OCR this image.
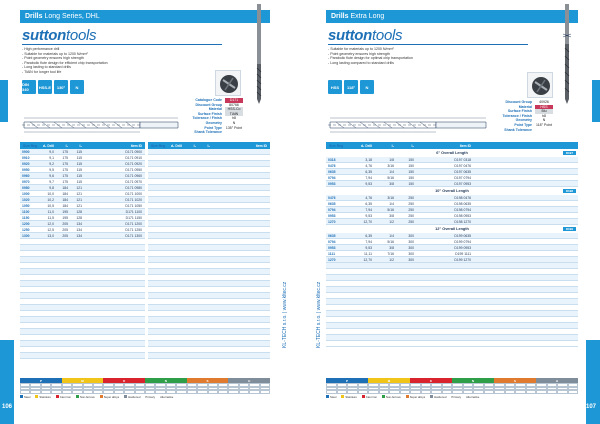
Drills Long Series, DHL
suttontools
- High performance drill
- Suitable for materials up to 1200 N/mm²
- Point geometry ensures high strength
- Parabolic flute design for efficient chip transportation
- Long lasting to standard drills
- TiAlN for longer tool life
DIN 340	HSS-E	130°	N
Catalogue Code	D171
Discount Group	80766
Material	HSS-Co
Surface Finish	TiAlN
Tolerance / Finish	h8
Geometry	N
Point Type	135° Point
Shank Tolerance
Size Reg	d₁ Drill	l₁	l₂	Item ID
0900	9,0	175	115	D171 0900
0910	9,1	175	115	D171 0910
0920	9,2	175	115	D171 0920
0950	9,5	175	115	D171 0950
0960	9,6	175	115	D171 0960
0970	9,7	175	115	D171 0970
0980	9,8	184	121	D171 0980
1000	10,0	184	121	D171 1000
1020	10,2	184	121	D171 1020
1050	10,5	184	121	D171 1050
1100	11,0	195	128	D171 1100
1150	11,5	195	128	D171 1150
1200	12,0	205	134	D171 1200
1250	12,5	205	134	D171 1250
1300	13,0	205	134	D171 1300
Size Reg	d₁ Drill	l₁	l₂	Item ID
KL-TECH s.r.o. | www.kltec.cz
P	M	K	N	S	H
Steel	Stainless	Cast iron	Non-ferrous	Super alloys	Hardened Primary Alternative
106
Drills Extra Long
suttontools
- Suitable for materials up to 1200 N/mm²
- Point geometry ensures high strength
- Parabolic flute design for optimal chip transportation
- Long lasting compared to standard drills
HSS	118°	N
Discount Group	40926
Material	HSS
Surface Finish	Blu
Tolerance / Finish	h8
Geometry	N
Point Type	118° Point
Shank Tolerance
Size Reg	d₁ Drill	l₁	l₂	Item ID
6" Overall Length	D197
0318	3,18	1/8	150	D197 0318
0476	4,76	3/16	150	D197 0476
0635	6,35	1/4	150	D197 0635
0794	7,94	5/16	150	D197 0794
0953	9,53	3/8	150	D197 0953
10" Overall Length	D198
0476	4,76	3/16	250	D198 0476
0635	6,35	1/4	250	D198 0635
0794	7,94	5/16	250	D198 0794
0953	9,53	3/8	250	D198 0953
1270	12,70	1/2	250	D198 1270
12" Overall Length	D199
0635	6,35	1/4	300	D199 0635
0794	7,94	5/16	300	D199 0794
0953	9,53	3/8	300	D199 0953
1111	11,11	7/16	300	D199 1111
1270	12,70	1/2	300	D199 1270
KL-TECH s.r.o. | www.kltec.cz
P	M	K	N	S	H
Steel	Stainless	Cast iron	Non-ferrous	Super alloys	Hardened Primary Alternative
107
